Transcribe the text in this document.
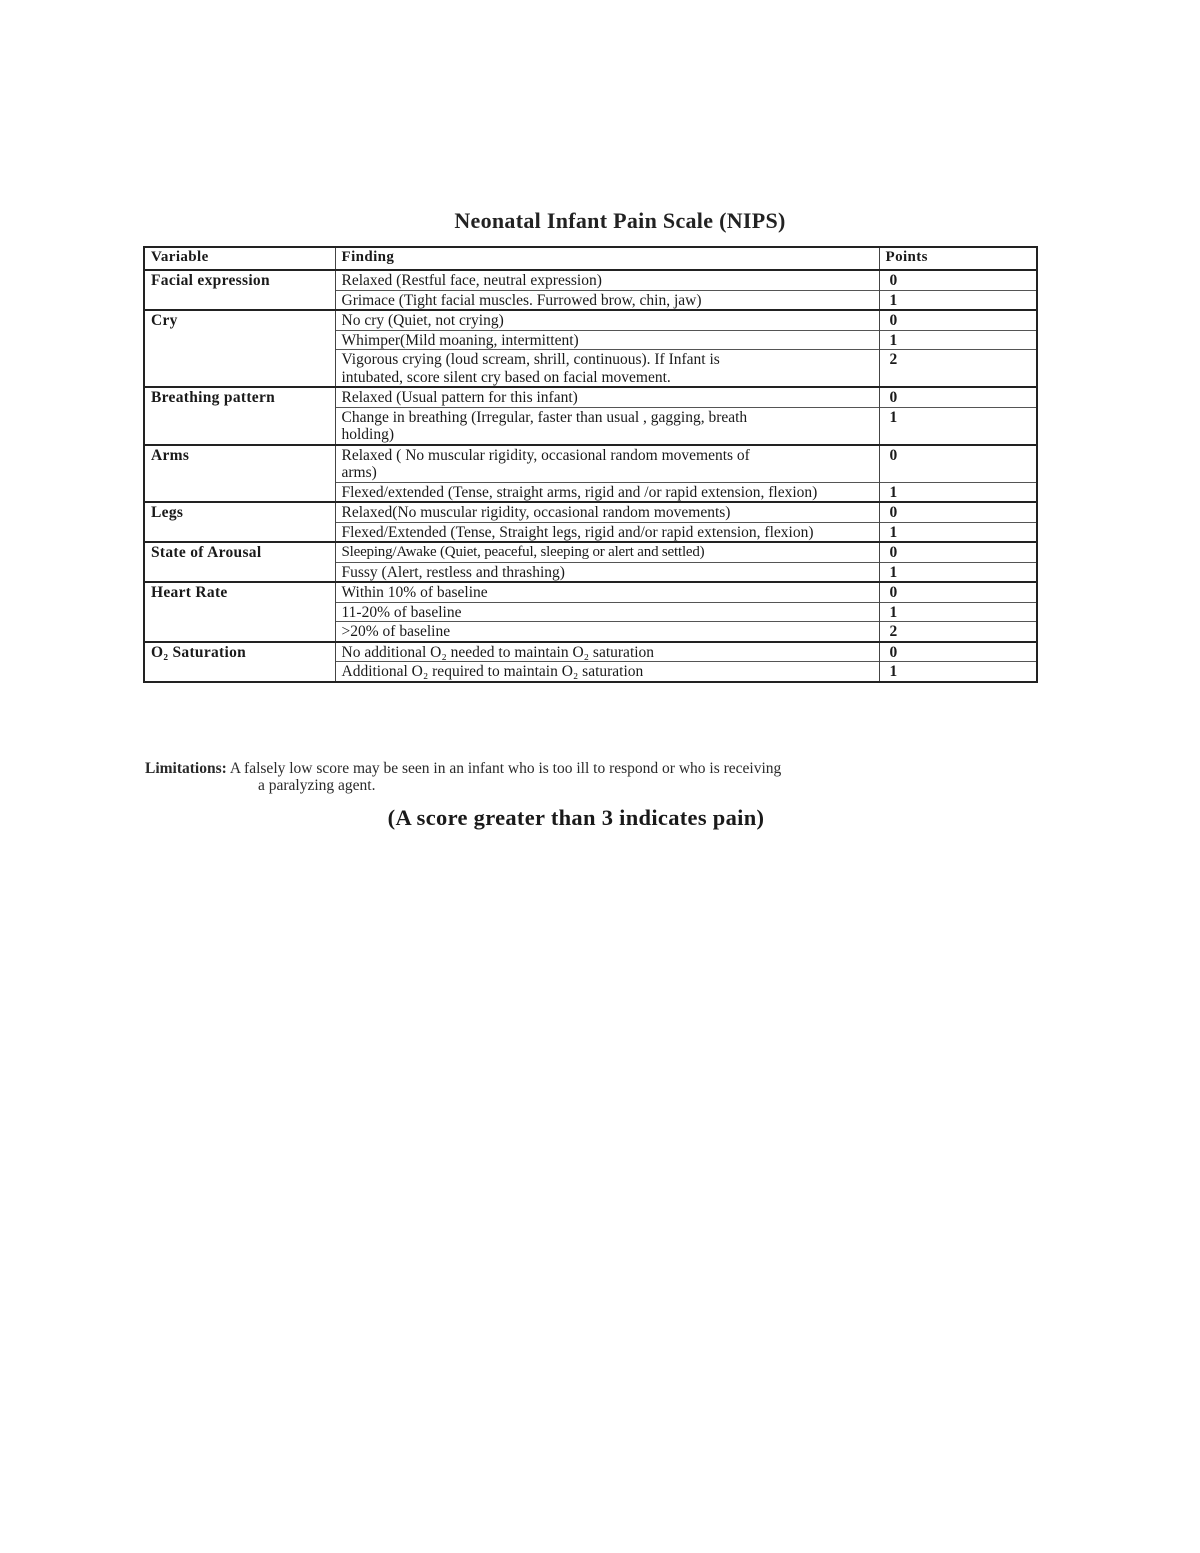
Neonatal Infant Pain Scale (NIPS)
Variable	Finding	Points
Facial expression	Relaxed (Restful face, neutral expression)	0
	Grimace (Tight facial muscles. Furrowed brow, chin, jaw)	1
Cry	No cry (Quiet, not crying)	0
	Whimper(Mild moaning, intermittent)	1
	Vigorous crying (loud scream, shrill, continuous). If Infant is intubated, score silent cry based on facial movement.	2
Breathing pattern	Relaxed (Usual pattern for this infant)	0
	Change in breathing (Irregular, faster than usual , gagging, breath holding)	1
Arms	Relaxed ( No muscular rigidity, occasional random movements of arms)	0
	Flexed/extended (Tense, straight arms, rigid and /or rapid extension, flexion)	1
Legs	Relaxed(No muscular rigidity, occasional random movements)	0
	Flexed/Extended (Tense, Straight legs, rigid and/or rapid extension, flexion)	1
State of Arousal	Sleeping/Awake (Quiet, peaceful, sleeping or alert and settled)	0
	Fussy (Alert, restless and thrashing)	1
Heart Rate	Within 10% of baseline	0
	11-20% of baseline	1
	>20% of baseline	2
O₂ Saturation	No additional O₂ needed to maintain O₂ saturation	0
	Additional O₂ required to maintain O₂ saturation	1
Limitations: A falsely low score may be seen in an infant who is too ill to respond or who is receiving
a paralyzing agent.
(A score greater than 3 indicates pain)
